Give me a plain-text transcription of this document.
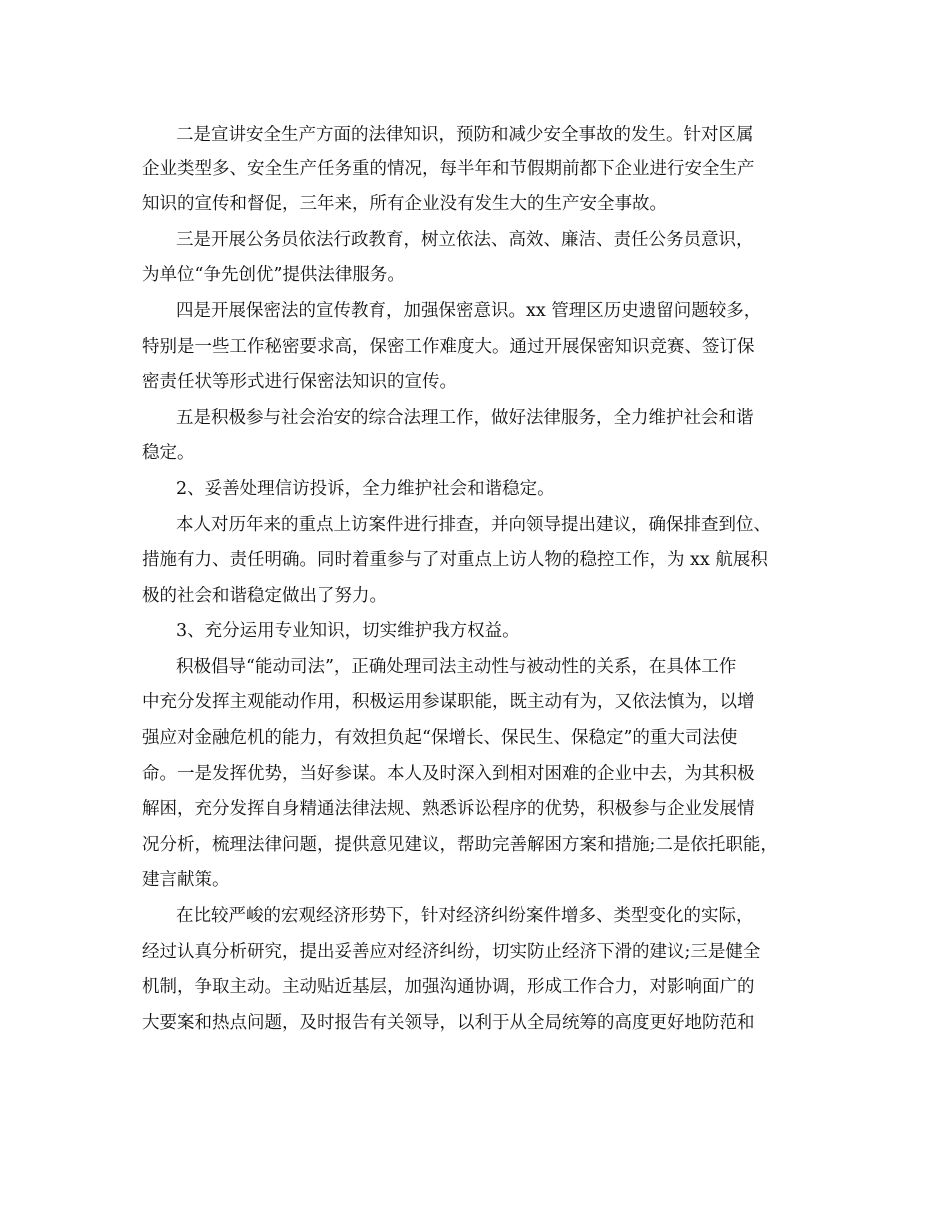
二是宣讲安全生产方面的法律知识，预防和减少安全事故的发生。针对区属
企业类型多、安全生产任务重的情况，每半年和节假期前都下企业进行安全生产
知识的宣传和督促，三年来，所有企业没有发生大的生产安全事故。
三是开展公务员依法行政教育，树立依法、高效、廉洁、责任公务员意识，
为单位“争先创优”提供法律服务。
四是开展保密法的宣传教育，加强保密意识。xx 管理区历史遗留问题较多，
特别是一些工作秘密要求高，保密工作难度大。通过开展保密知识竞赛、签订保
密责任状等形式进行保密法知识的宣传。
五是积极参与社会治安的综合法理工作，做好法律服务，全力维护社会和谐
稳定。
2、妥善处理信访投诉，全力维护社会和谐稳定。
本人对历年来的重点上访案件进行排查，并向领导提出建议，确保排查到位、
措施有力、责任明确。同时着重参与了对重点上访人物的稳控工作，为 xx 航展积
极的社会和谐稳定做出了努力。
3、充分运用专业知识，切实维护我方权益。
积极倡导“能动司法”，正确处理司法主动性与被动性的关系，在具体工作
中充分发挥主观能动作用，积极运用参谋职能，既主动有为，又依法慎为，以增
强应对金融危机的能力，有效担负起“保增长、保民生、保稳定”的重大司法使
命。一是发挥优势，当好参谋。本人及时深入到相对困难的企业中去，为其积极
解困，充分发挥自身精通法律法规、熟悉诉讼程序的优势，积极参与企业发展情
况分析，梳理法律问题，提供意见建议，帮助完善解困方案和措施;二是依托职能，
建言献策。
在比较严峻的宏观经济形势下，针对经济纠纷案件增多、类型变化的实际，
经过认真分析研究，提出妥善应对经济纠纷，切实防止经济下滑的建议;三是健全
机制，争取主动。主动贴近基层，加强沟通协调，形成工作合力，对影响面广的
大要案和热点问题，及时报告有关领导，以利于从全局统筹的高度更好地防范和
